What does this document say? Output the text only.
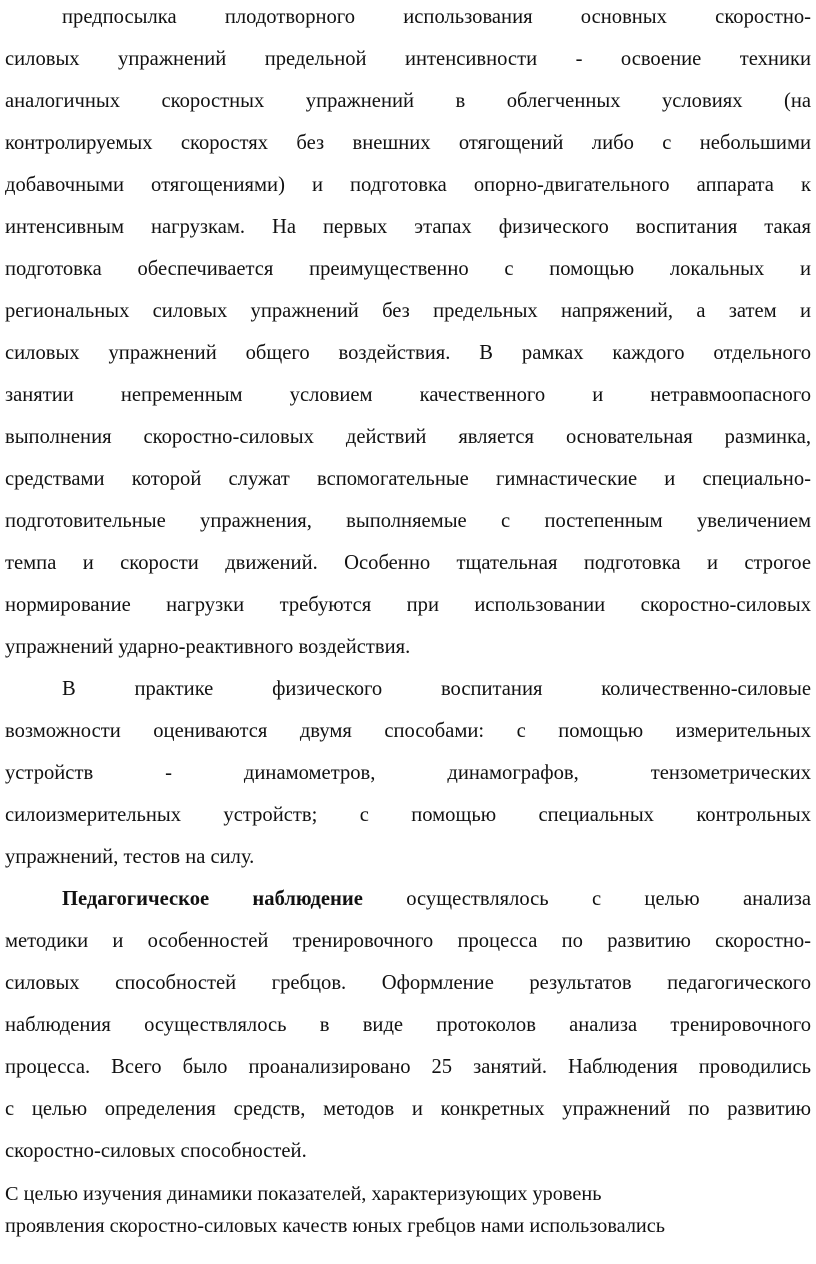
предпосылка плодотворного использования основных скоростно-
силовых упражнений предельной интенсивности - освоение техники
аналогичных скоростных упражнений в облегченных условиях (на
контролируемых скоростях без внешних отягощений либо с небольшими
добавочными отягощениями) и подготовка опорно-двигательного аппарата к
интенсивным нагрузкам. На первых этапах физического воспитания такая
подготовка обеспечивается преимущественно с помощью локальных и
региональных силовых упражнений без предельных напряжений, а затем и
силовых упражнений общего воздействия. В рамках каждого отдельного
занятии непременным условием качественного и нетравмоопасного
выполнения скоростно-силовых действий является основательная разминка,
средствами которой служат вспомогательные гимнастические и специально-
подготовительные упражнения, выполняемые с постепенным увеличением
темпа и скорости движений. Особенно тщательная подготовка и строгое
нормирование нагрузки требуются при использовании скоростно-силовых
упражнений ударно-реактивного воздействия.
В практике физического воспитания количественно-силовые
возможности оцениваются двумя способами: с помощью измерительных
устройств - динамометров, динамографов, тензометрических
силоизмерительных устройств; с помощью специальных контрольных
упражнений, тестов на силу.
Педагогическое наблюдение осуществлялось с целью анализа
методики и особенностей тренировочного процесса по развитию скоростно-
силовых способностей гребцов. Оформление результатов педагогического
наблюдения осуществлялось в виде протоколов анализа тренировочного
процесса. Всего было проанализировано 25 занятий. Наблюдения проводились
с целью определения средств, методов и конкретных упражнений по развитию
скоростно-силовых способностей.
С целью изучения динамики показателей, характеризующих уровень
проявления скоростно-силовых качеств юных гребцов нами использовались
